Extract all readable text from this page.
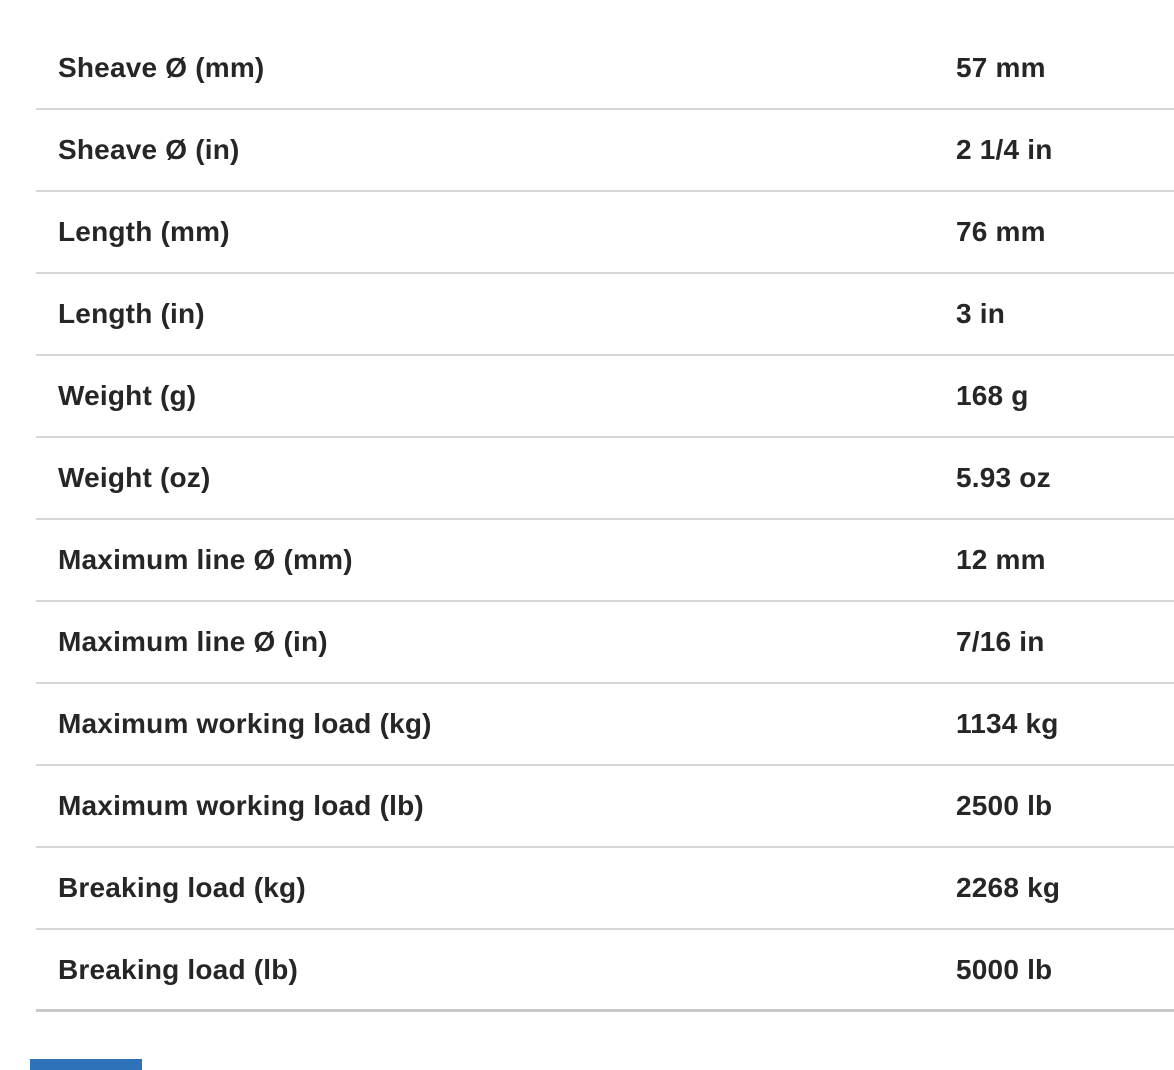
Sheave Ø (mm)	57 mm
Sheave Ø (in)	2 1/4 in
Length (mm)	76 mm
Length (in)	3 in
Weight (g)	168 g
Weight (oz)	5.93 oz
Maximum line Ø (mm)	12 mm
Maximum line Ø (in)	7/16 in
Maximum working load (kg)	1134 kg
Maximum working load (lb)	2500 lb
Breaking load (kg)	2268 kg
Breaking load (lb)	5000 lb
